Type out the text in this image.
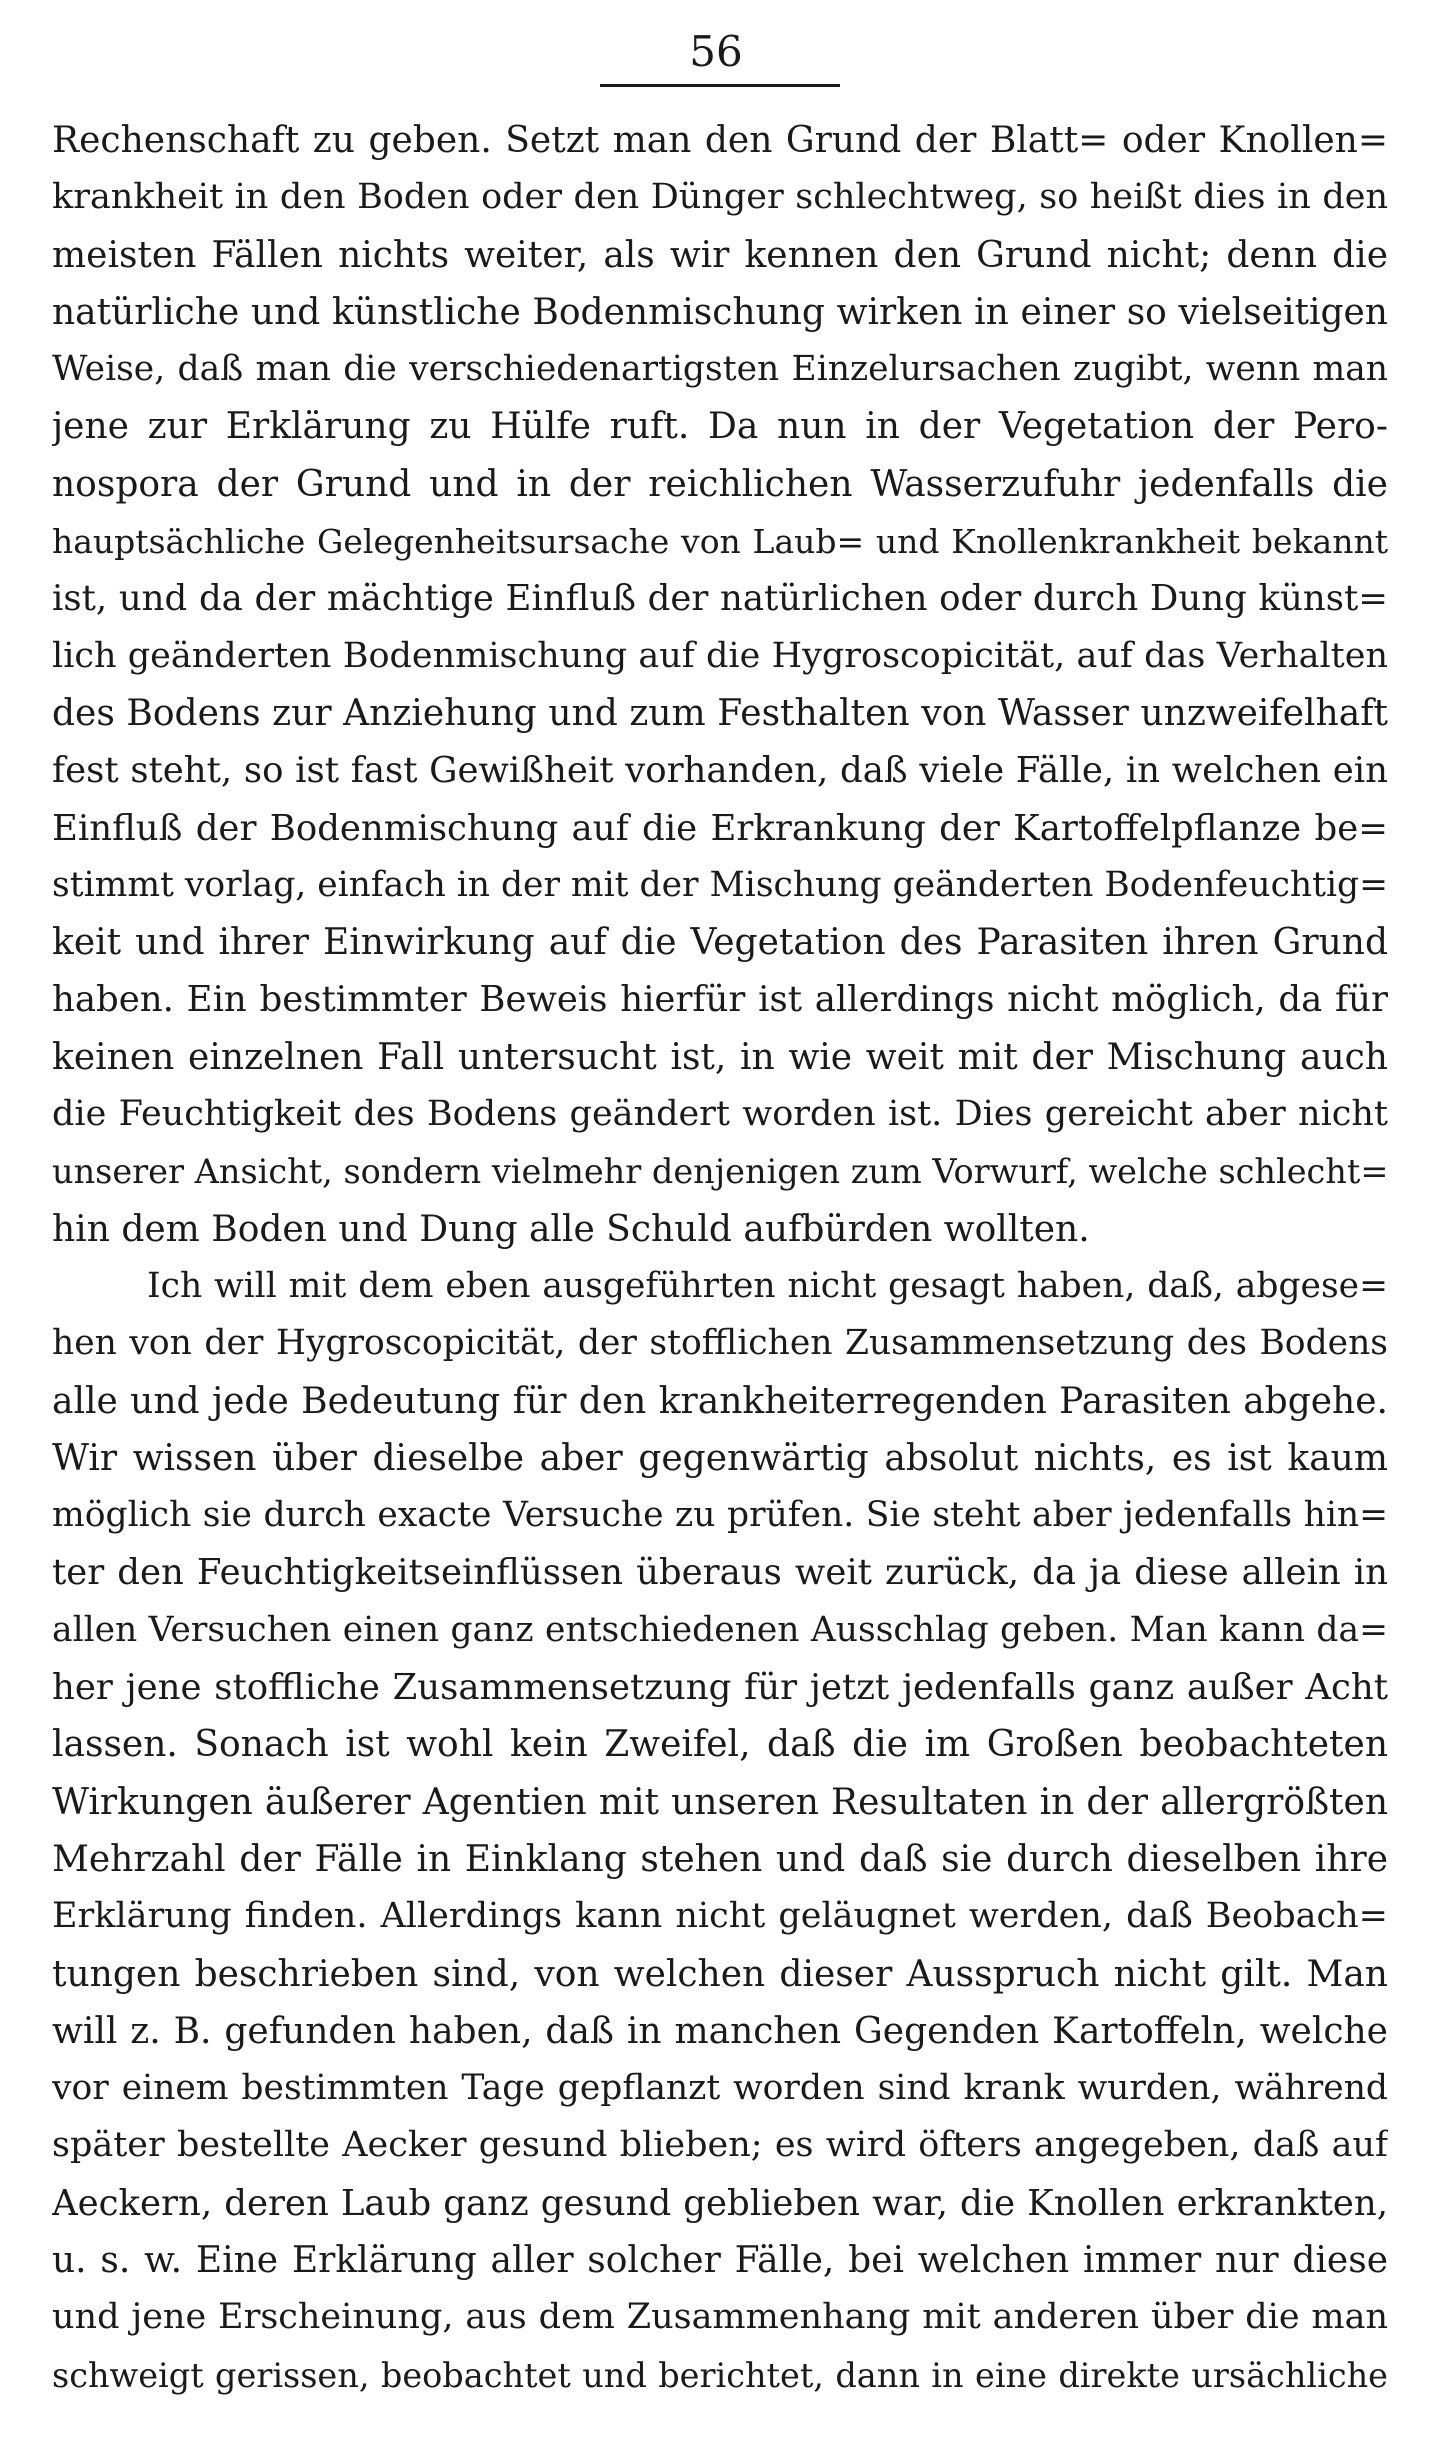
56
Rechenschaft zu geben. Setzt man den Grund der Blatt= oder Knollen=
krankheit in den Boden oder den Dünger schlechtweg, so heißt dies in den
meisten Fällen nichts weiter, als wir kennen den Grund nicht; denn die
natürliche und künstliche Bodenmischung wirken in einer so vielseitigen
Weise, daß man die verschiedenartigsten Einzelursachen zugibt, wenn man
jene zur Erklärung zu Hülfe ruft. Da nun in der Vegetation der Pero-
nospora der Grund und in der reichlichen Wasserzufuhr jedenfalls die
hauptsächliche Gelegenheitsursache von Laub= und Knollenkrankheit bekannt
ist, und da der mächtige Einfluß der natürlichen oder durch Dung künst=
lich geänderten Bodenmischung auf die Hygroscopicität, auf das Verhalten
des Bodens zur Anziehung und zum Festhalten von Wasser unzweifelhaft
fest steht, so ist fast Gewißheit vorhanden, daß viele Fälle, in welchen ein
Einfluß der Bodenmischung auf die Erkrankung der Kartoffelpflanze be=
stimmt vorlag, einfach in der mit der Mischung geänderten Bodenfeuchtig=
keit und ihrer Einwirkung auf die Vegetation des Parasiten ihren Grund
haben. Ein bestimmter Beweis hierfür ist allerdings nicht möglich, da für
keinen einzelnen Fall untersucht ist, in wie weit mit der Mischung auch
die Feuchtigkeit des Bodens geändert worden ist. Dies gereicht aber nicht
unserer Ansicht, sondern vielmehr denjenigen zum Vorwurf, welche schlecht=
hin dem Boden und Dung alle Schuld aufbürden wollten.
Ich will mit dem eben ausgeführten nicht gesagt haben, daß, abgese=
hen von der Hygroscopicität, der stofflichen Zusammensetzung des Bodens
alle und jede Bedeutung für den krankheiterregenden Parasiten abgehe.
Wir wissen über dieselbe aber gegenwärtig absolut nichts, es ist kaum
möglich sie durch exacte Versuche zu prüfen. Sie steht aber jedenfalls hin=
ter den Feuchtigkeitseinflüssen überaus weit zurück, da ja diese allein in
allen Versuchen einen ganz entschiedenen Ausschlag geben. Man kann da=
her jene stoffliche Zusammensetzung für jetzt jedenfalls ganz außer Acht
lassen. Sonach ist wohl kein Zweifel, daß die im Großen beobachteten
Wirkungen äußerer Agentien mit unseren Resultaten in der allergrößten
Mehrzahl der Fälle in Einklang stehen und daß sie durch dieselben ihre
Erklärung finden. Allerdings kann nicht geläugnet werden, daß Beobach=
tungen beschrieben sind, von welchen dieser Ausspruch nicht gilt. Man
will z. B. gefunden haben, daß in manchen Gegenden Kartoffeln, welche
vor einem bestimmten Tage gepflanzt worden sind krank wurden, während
später bestellte Aecker gesund blieben; es wird öfters angegeben, daß auf
Aeckern, deren Laub ganz gesund geblieben war, die Knollen erkrankten,
u. s. w. Eine Erklärung aller solcher Fälle, bei welchen immer nur diese
und jene Erscheinung, aus dem Zusammenhang mit anderen über die man
schweigt gerissen, beobachtet und berichtet, dann in eine direkte ursächliche
